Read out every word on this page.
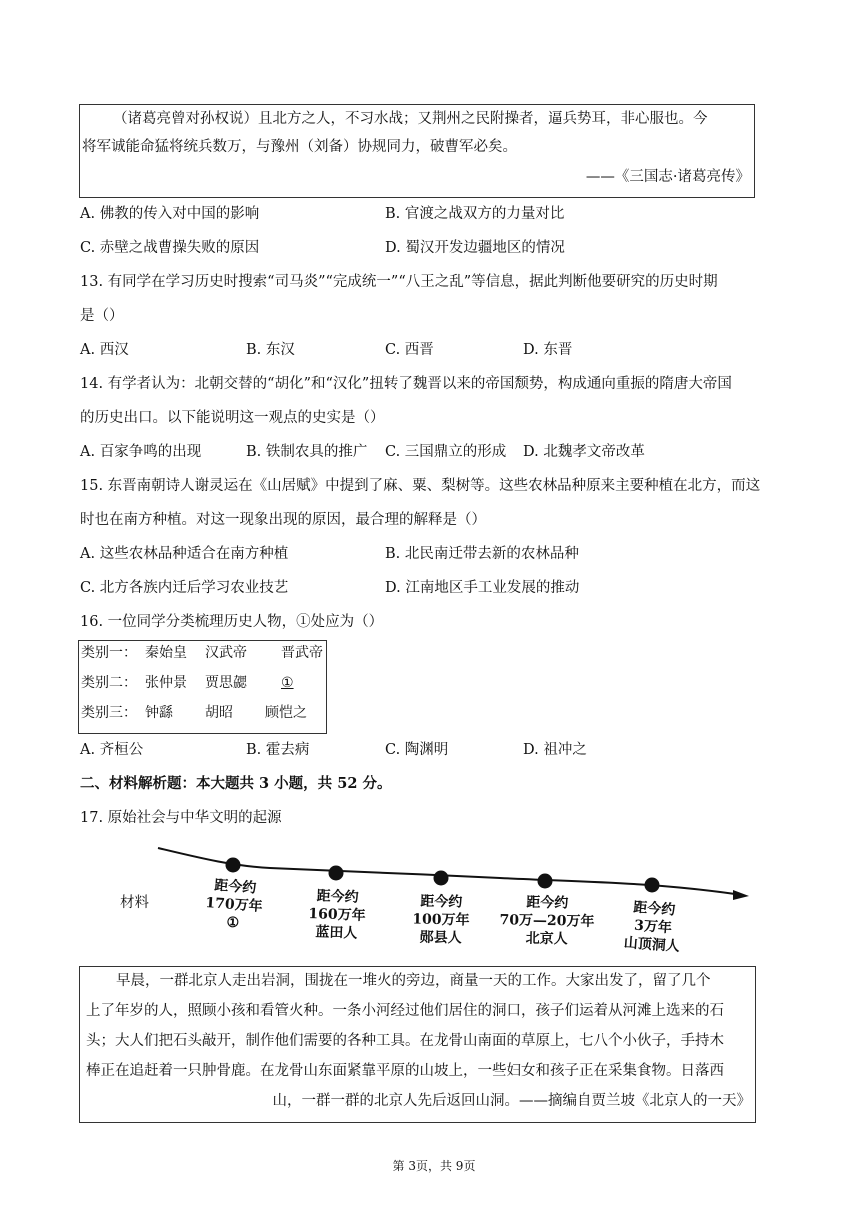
（诸葛亮曾对孙权说）且北方之人，不习水战；又荆州之民附操者，逼兵势耳，非心服也。今
将军诚能命猛将统兵数万，与豫州（刘备）协规同力，破曹军必矣。
——《三国志·诸葛亮传》
A. 佛教的传入对中国的影响	B. 官渡之战双方的力量对比
C. 赤壁之战曹操失败的原因	D. 蜀汉开发边疆地区的情况
13. 有同学在学习历史时搜索“司马炎”“完成统一”“八王之乱”等信息，据此判断他要研究的历史时期
是（）
A. 西汉	B. 东汉	C. 西晋	D. 东晋
14. 有学者认为：北朝交替的“胡化”和“汉化”扭转了魏晋以来的帝国颓势，构成通向重振的隋唐大帝国
的历史出口。以下能说明这一观点的史实是（）
A. 百家争鸣的出现	B. 铁制农具的推广 C. 三国鼎立的形成 D. 北魏孝文帝改革
15. 东晋南朝诗人谢灵运在《山居赋》中提到了麻、粟、梨树等。这些农林品种原来主要种植在北方，而这
时也在南方种植。对这一现象出现的原因，最合理的解释是（）
A. 这些农林品种适合在南方种植	B. 北民南迁带去新的农林品种
C. 北方各族内迁后学习农业技艺	D. 江南地区手工业发展的推动
16. 一位同学分类梳理历史人物，①处应为（）
类别一： 秦始皇 汉武帝 晋武帝
类别二： 张仲景 贾思勰 ①
类别三： 钟繇 胡昭 顾恺之
A. 齐桓公	B. 霍去病	C. 陶渊明	D. 祖冲之
二、材料解析题：本大题共 3 小题，共 52 分。
17. 原始社会与中华文明的起源
材料
距今约
170万年
①
距今约
160万年
蓝田人
距今约
100万年
郧县人
距今约
70万—20万年
北京人
距今约
3万年
山顶洞人

早晨，一群北京人走出岩洞，围拢在一堆火的旁边，商量一天的工作。大家出发了，留了几个

上了年岁的人，照顾小孩和看管火种。一条小河经过他们居住的洞口，孩子们运着从河滩上选来的石

头；大人们把石头敲开，制作他们需要的各种工具。在龙骨山南面的草原上，七八个小伙子，手持木

棒正在追赶着一只肿骨鹿。在龙骨山东面紧靠平原的山坡上，一些妇女和孩子正在采集食物。日落西

山，一群一群的北京人先后返回山洞。——摘编自贾兰坡《北京人的一天》

第 3页，共 9页
